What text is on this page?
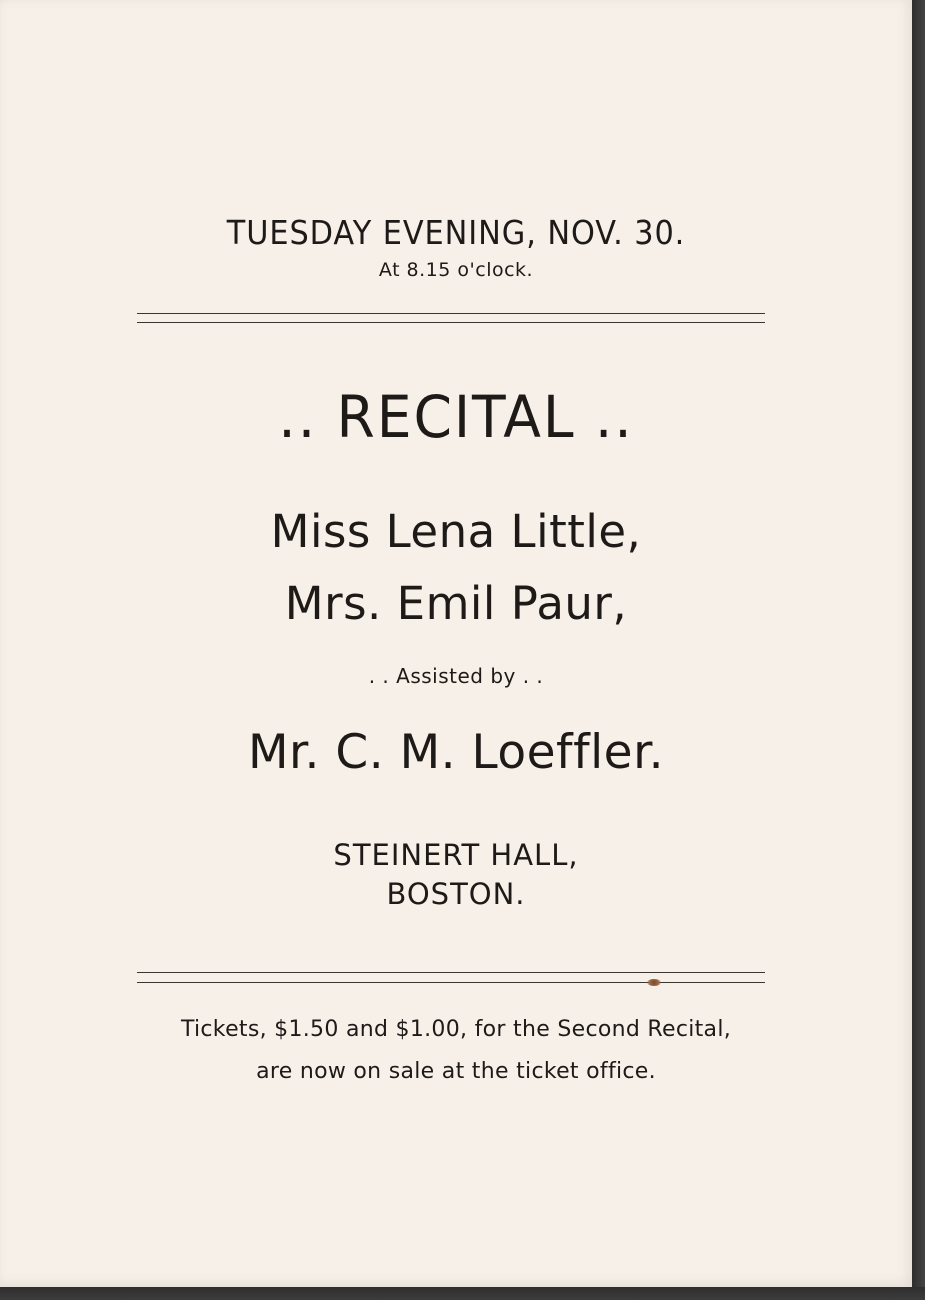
TUESDAY EVENING, NOV. 30.
At 8.15 o'clock.
.. RECITAL ..
Miss Lena Little,
Mrs. Emil Paur,
. . Assisted by . .
Mr. C. M. Loeffler.
STEINERT HALL,
BOSTON.
Tickets, $1.50 and $1.00, for the Second Recital,
are now on sale at the ticket office.
